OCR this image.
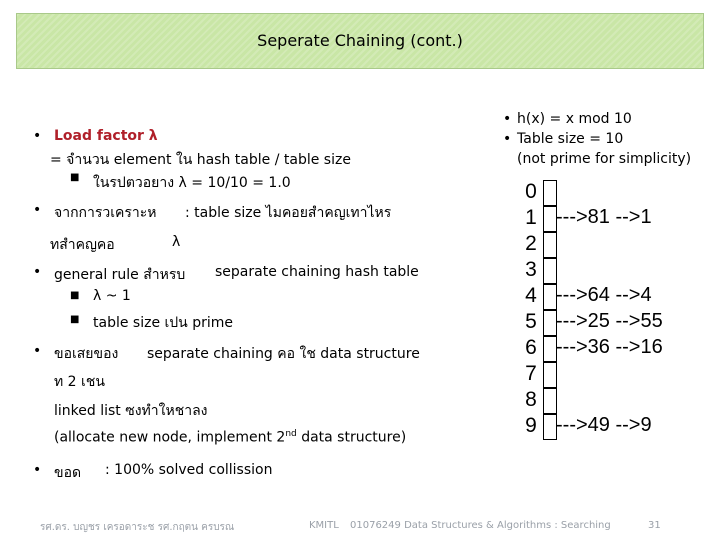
Seperate Chaining (cont.)
• Load factor λ
= จำนวน element ใน hash table / table size
■ ในรปตวอยาง λ = 10/10 = 1.0
• จากการวเคราะห : table size ไมคอยสำคญเทาไหร
ทสำคญคอ	λ
• general rule สำหรบ separate chaining hash table
■ λ ~ 1
■ table size เปน prime
• ขอเสยของ separate chaining คอ ใช data structure
ท 2 เชน
linked list ซงทำใหชาลง
(allocate new node, implement 2nd data structure)
• ขอด : 100% solved collission
• h(x) = x mod 10
• Table size = 10
(not prime for simplicity)
0
1 --->81 -->1
2
3
4 --->64 -->4
5 --->25 -->55
6 --->36 -->16
7
8
9 --->49 -->9
รศ.ดร. บญชร เครอดาระช รศ.กฤตน ครบรณ	KMITL 01076249 Data Structures & Algorithms : Searching	31
